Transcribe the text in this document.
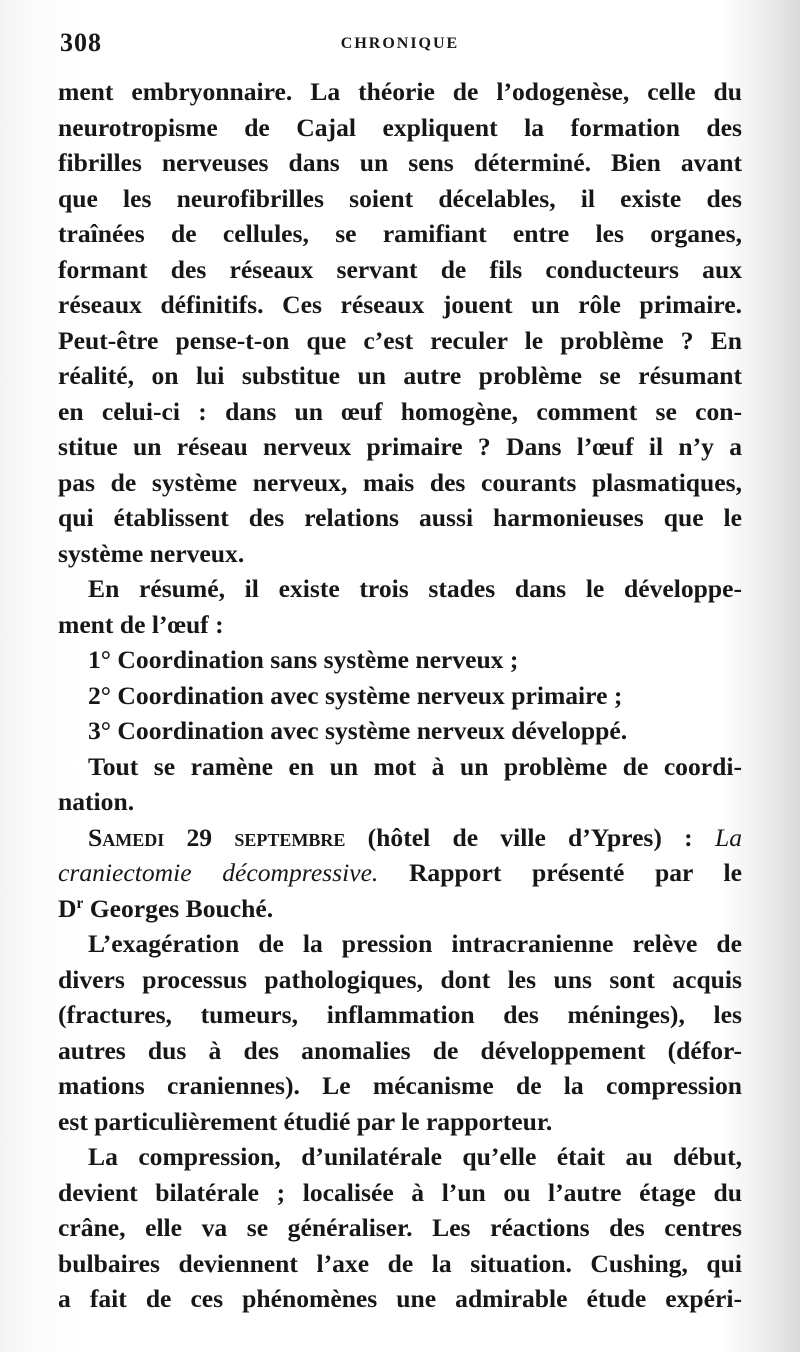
308	CHRONIQUE
ment embryonnaire. La théorie de l’odogenèse, celle du
neurotropisme de Cajal expliquent la formation des
fibrilles nerveuses dans un sens déterminé. Bien avant
que les neurofibrilles soient décelables, il existe des
traînées de cellules, se ramifiant entre les organes,
formant des réseaux servant de fils conducteurs aux
réseaux définitifs. Ces réseaux jouent un rôle primaire.
Peut-être pense-t-on que c’est reculer le problème ? En
réalité, on lui substitue un autre problème se résumant
en celui-ci : dans un œuf homogène, comment se con-
stitue un réseau nerveux primaire ? Dans l’œuf il n’y a
pas de système nerveux, mais des courants plasmatiques,
qui établissent des relations aussi harmonieuses que le
système nerveux.
En résumé, il existe trois stades dans le développe-
ment de l’œuf :
1° Coordination sans système nerveux ;
2° Coordination avec système nerveux primaire ;
3° Coordination avec système nerveux développé.
Tout se ramène en un mot à un problème de coordi-
nation.
Samedi 29 septembre (hôtel de ville d’Ypres) : La
craniectomie décompressive. Rapport présenté par le
$D^r$ Georges Bouché.
L’exagération de la pression intracranienne relève de
divers processus pathologiques, dont les uns sont acquis
(fractures, tumeurs, inflammation des méninges), les
autres dus à des anomalies de développement (défor-
mations craniennes). Le mécanisme de la compression
est particulièrement étudié par le rapporteur.
La compression, d’unilatérale qu’elle était au début,
devient bilatérale ; localisée à l’un ou l’autre étage du
crâne, elle va se généraliser. Les réactions des centres
bulbaires deviennent l’axe de la situation. Cushing, qui
a fait de ces phénomènes une admirable étude expéri-
